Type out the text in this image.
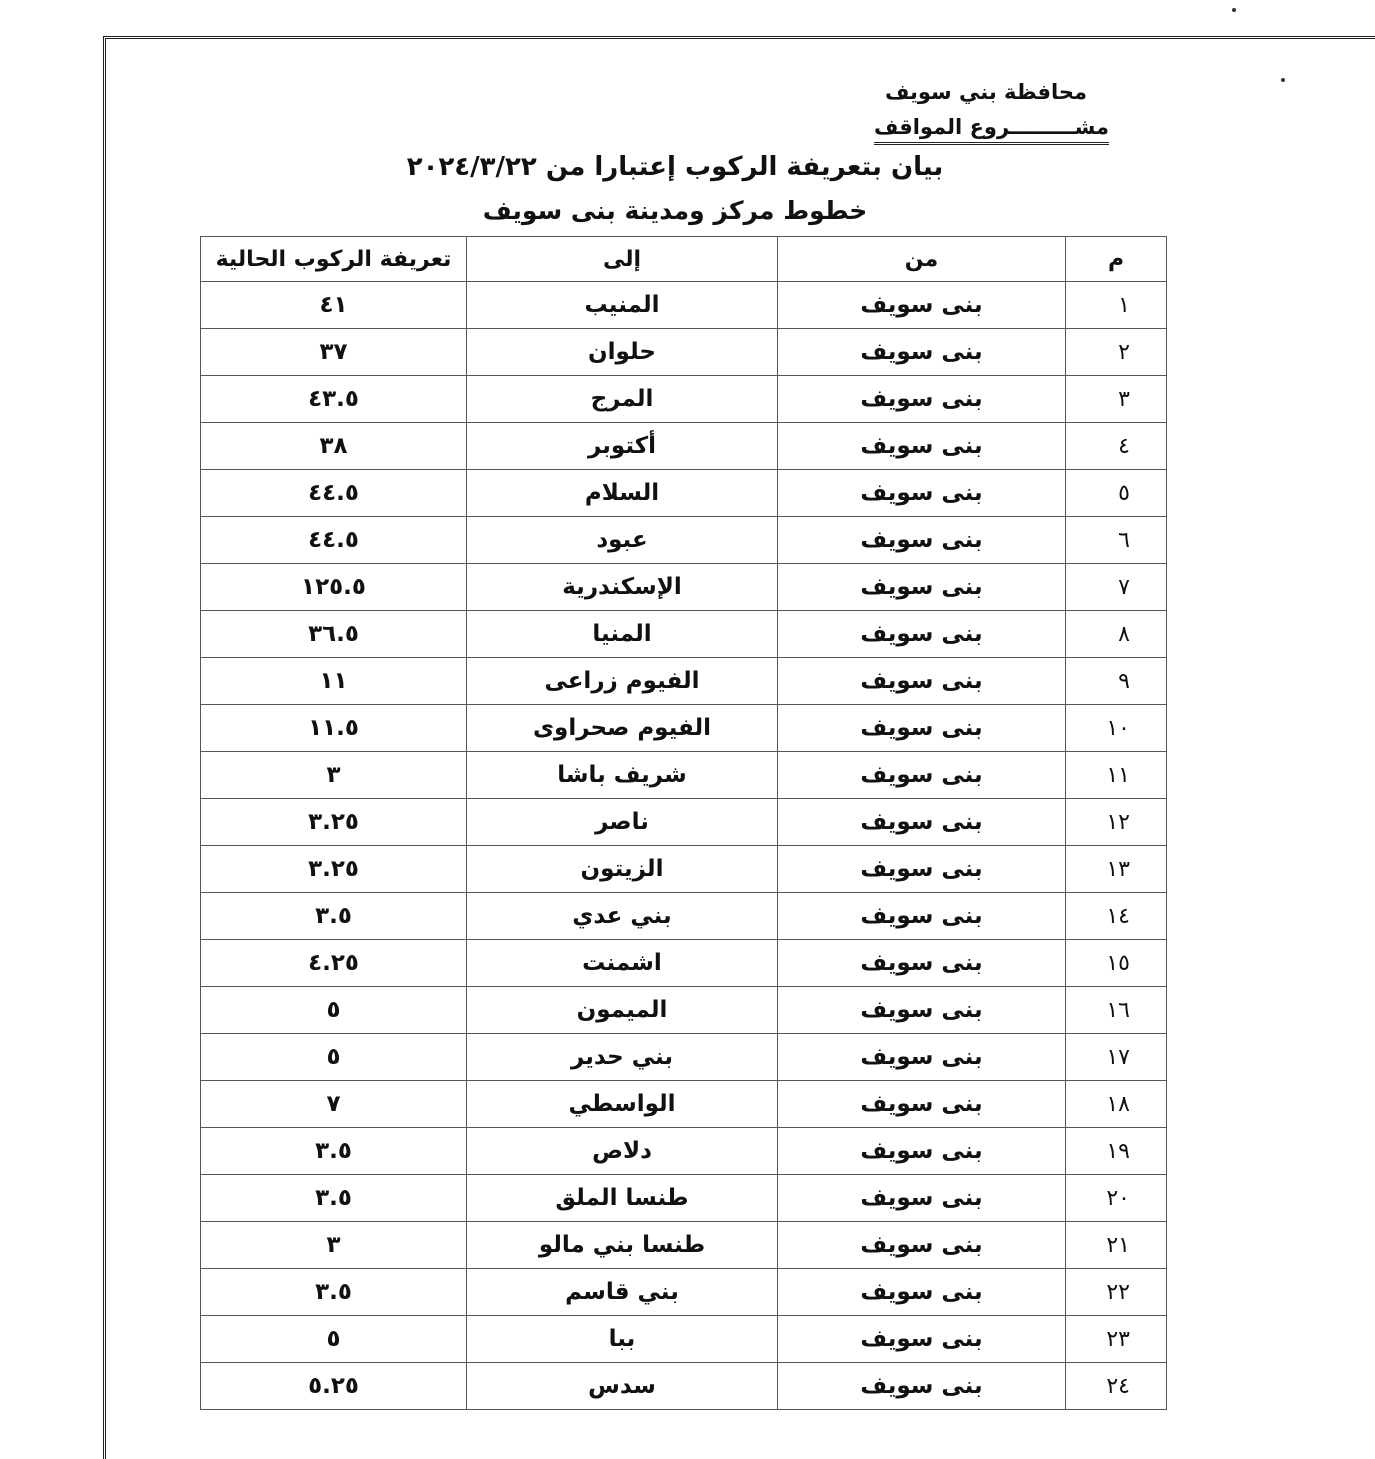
محافظة بني سويف
مشـــــــــروع المواقف
بيان بتعريفة الركوب إعتبارا من ٢٠٢٤/٣/٢٢
خطوط مركز ومدينة بنى سويف
م	من	إلى	تعريفة الركوب الحالية
١	بنى سويف	المنيب	٤١
٢	بنى سويف	حلوان	٣٧
٣	بنى سويف	المرج	٤٣.٥
٤	بنى سويف	أكتوبر	٣٨
٥	بنى سويف	السلام	٤٤.٥
٦	بنى سويف	عبود	٤٤.٥
٧	بنى سويف	الإسكندرية	١٢٥.٥
٨	بنى سويف	المنيا	٣٦.٥
٩	بنى سويف	الفيوم زراعى	١١
١٠	بنى سويف	الفيوم صحراوى	١١.٥
١١	بنى سويف	شريف باشا	٣
١٢	بنى سويف	ناصر	٣.٢٥
١٣	بنى سويف	الزيتون	٣.٢٥
١٤	بنى سويف	بني عدي	٣.٥
١٥	بنى سويف	اشمنت	٤.٢٥
١٦	بنى سويف	الميمون	٥
١٧	بنى سويف	بني حدير	٥
١٨	بنى سويف	الواسطي	٧
١٩	بنى سويف	دلاص	٣.٥
٢٠	بنى سويف	طنسا الملق	٣.٥
٢١	بنى سويف	طنسا بني مالو	٣
٢٢	بنى سويف	بني قاسم	٣.٥
٢٣	بنى سويف	ببا	٥
٢٤	بنى سويف	سدس	٥.٢٥
